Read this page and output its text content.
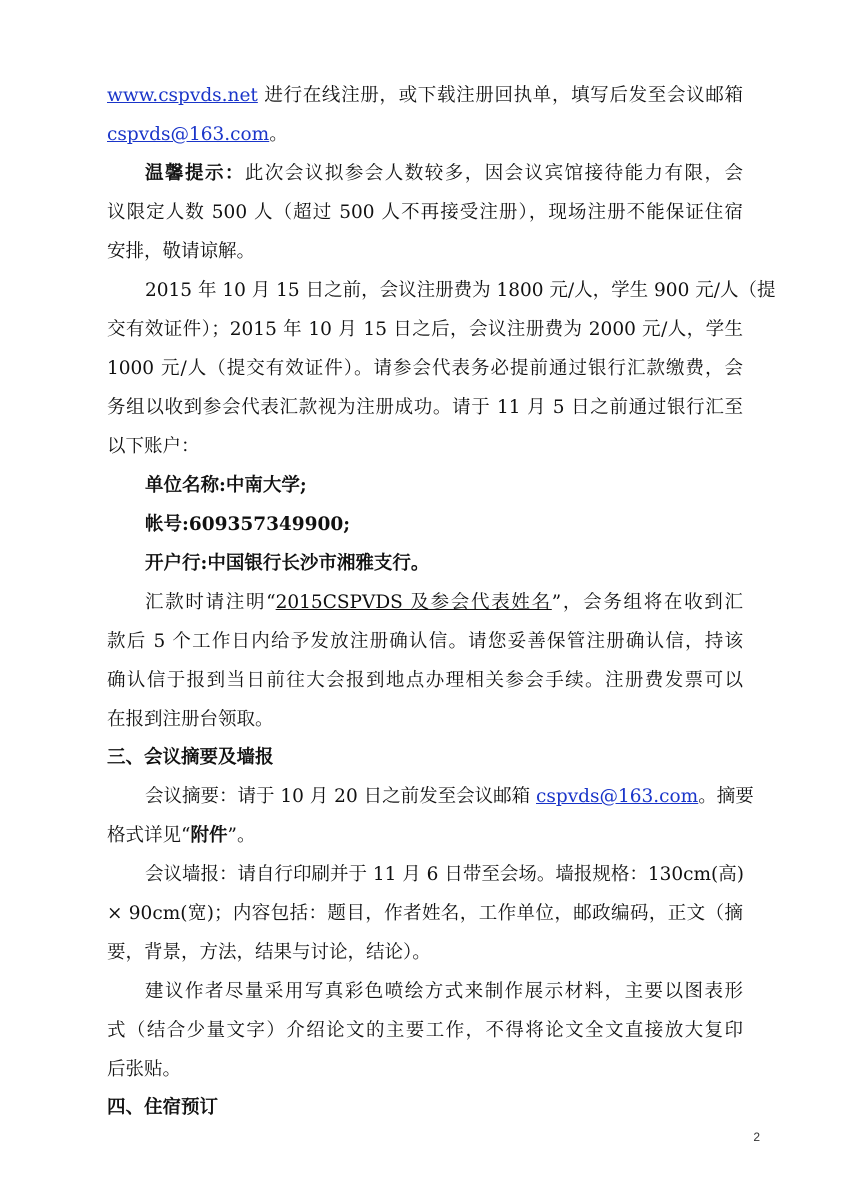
www.cspvds.net 进行在线注册，或下载注册回执单，填写后发至会议邮箱
cspvds@163.com。
温馨提示：此次会议拟参会人数较多，因会议宾馆接待能力有限，会
议限定人数 500 人（超过 500 人不再接受注册），现场注册不能保证住宿
安排，敬请谅解。
2015 年 10 月 15 日之前，会议注册费为 1800 元/人，学生 900 元/人（提
交有效证件）；2015 年 10 月 15 日之后，会议注册费为 2000 元/人，学生
1000 元/人（提交有效证件）。请参会代表务必提前通过银行汇款缴费，会
务组以收到参会代表汇款视为注册成功。请于 11 月 5 日之前通过银行汇至
以下账户：
单位名称:中南大学;
帐号:609357349900;
开户行:中国银行长沙市湘雅支行。
汇款时请注明“2015CSPVDS 及参会代表姓名”，会务组将在收到汇
款后 5 个工作日内给予发放注册确认信。请您妥善保管注册确认信，持该
确认信于报到当日前往大会报到地点办理相关参会手续。注册费发票可以
在报到注册台领取。
三、会议摘要及墙报
会议摘要：请于 10 月 20 日之前发至会议邮箱 cspvds@163.com。摘要
格式详见“附件”。
会议墙报：请自行印刷并于 11 月 6 日带至会场。墙报规格：130cm(高)
× 90cm(宽)；内容包括：题目，作者姓名，工作单位，邮政编码，正文（摘
要，背景，方法，结果与讨论，结论）。
建议作者尽量采用写真彩色喷绘方式来制作展示材料，主要以图表形
式（结合少量文字）介绍论文的主要工作，不得将论文全文直接放大复印
后张贴。
四、住宿预订
2
